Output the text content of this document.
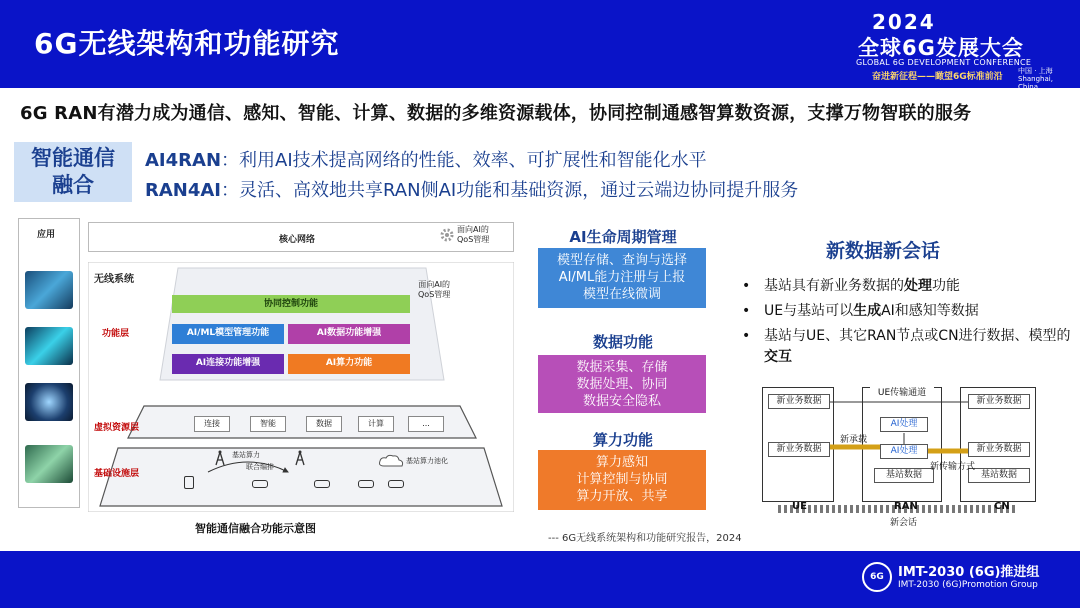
6G无线架构和功能研究
2024
全球6G发展大会
GLOBAL 6G DEVELOPMENT CONFERENCE
奋进新征程——瞰望6G标准前沿
中国 · 上海
Shanghai, China
2024.11.13-14
6G RAN有潜力成为通信、感知、智能、计算、数据的多维资源载体，协同控制通感智算数资源，支撑万物智联的服务
智能通信
融合
AI4RAN：利用AI技术提高网络的性能、效率、可扩展性和智能化水平
RAN4AI：灵活、高效地共享RAN侧AI功能和基础资源，通过云端边协同提升服务
应用	核心网络
面向AI的
QoS管理
无线系统	面向AI的
QoS管理
功能层
虚拟资源层
基础设施层
协同控制功能
AI/ML模型管理功能	AI数据功能增强
AI连接功能增强	AI算力功能
连接	智能	数据	计算	...
基站算力
联合编排
基站算力池化
智能通信融合功能示意图
AI生命周期管理
模型存储、查询与选择
AI/ML能力注册与上报
模型在线微调
数据功能
数据采集、存储
数据处理、协同
数据安全隐私
算力功能
算力感知
计算控制与协同
算力开放、共享
新数据新会话
• 基站具有新业务数据的处理功能
• UE与基站可以生成AI和感知等数据
• 基站与UE、其它RAN节点或CN进行数据、模型的交互
新业务数据
新业务数据
UE传输通道
AI处理
AI处理
基站数据
新业务数据
新业务数据
基站数据
新承载
新传输方式
UE	RAN	CN
新会话
--- 6G无线系统架构和功能研究报告，2024
6G	IMT-2030 (6G)推进组
IMT-2030 (6G)Promotion Group
